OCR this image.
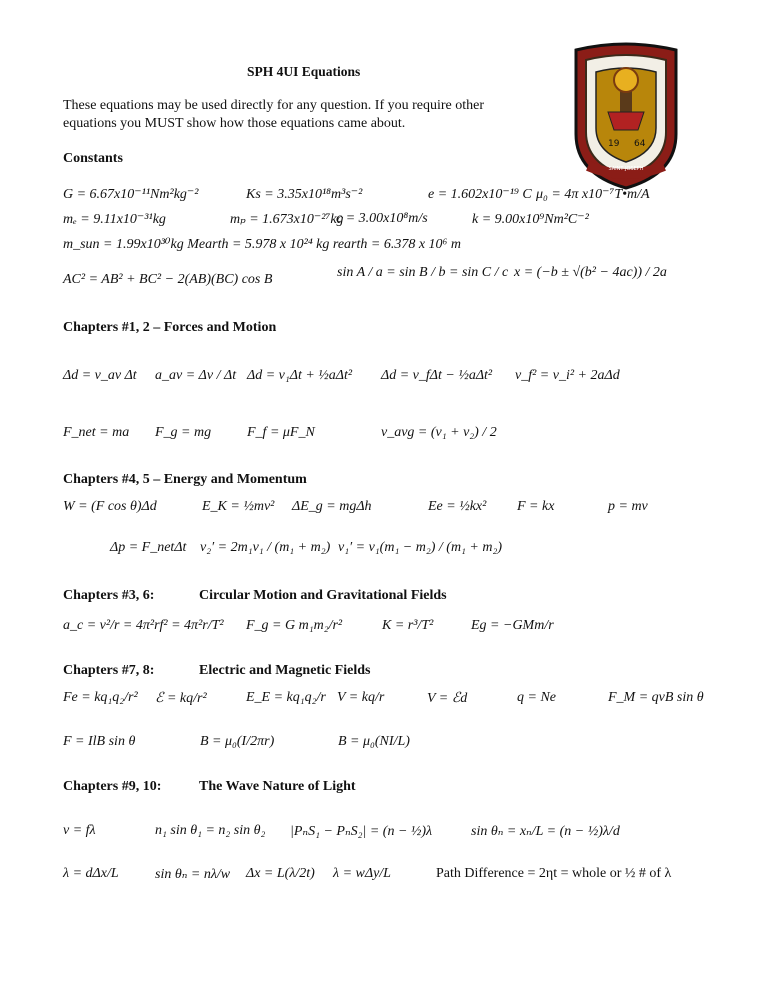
SPH 4UI Equations
19 64
SAINT JOSEPH
These equations may be used directly for any question. If you require other
equations you MUST show how those equations came about.
Constants
G = 6.67x10⁻¹¹Nm²kg⁻²	Ks = 3.35x10¹⁸m³s⁻²	e = 1.602x10⁻¹⁹ C μ₀ = 4π x10⁻⁷T•m/A
mₑ = 9.11x10⁻³¹kg	mₚ = 1.673x10⁻²⁷kg
c = 3.00x10⁸m/s	k = 9.00x10⁹Nm²C⁻²
m_sun = 1.99x10³⁰kg Mearth = 5.978 x 10²⁴ kg rearth = 6.378 x 10⁶ m
AC² = AB² + BC² − 2(AB)(BC) cos B	sin A / a = sin B / b = sin C / c x = (−b ± √(b² − 4ac)) / 2a
Chapters #1, 2 – Forces and Motion
Δd = v_av Δt a_av = Δv / Δt Δd = v₁Δt + ½aΔt² Δd = v_fΔt − ½aΔt² v_f² = v_i² + 2aΔd
F_net = ma F_g = mg	F_f = μF_N	v_avg = (v₁ + v₂) / 2
Chapters #4, 5 – Energy and Momentum
W = (F cos θ)Δd	E_K = ½mv² ΔE_g = mgΔh	Ee = ½kx² F = kx	p = mv
Δp = F_netΔt v₂′ = 2m₁v₁ / (m₁ + m₂) v₁′ = v₁(m₁ − m₂) / (m₁ + m₂)
Chapters #3, 6:	Circular Motion and Gravitational Fields
a_c = v²/r = 4π²rf² = 4π²r/T² F_g = G m₁m₂/r²	K = r³/T²	Eg = −GMm/r
Chapters #7, 8:	Electric and Magnetic Fields
Fe = kq₁q₂/r² ℰ = kq/r²	E_E = kq₁q₂/r V = kq/r	V = ℰd	q = Ne	F_M = qvB sin θ
F = IlB sin θ	B = μ₀(I/2πr)	B = μ₀(NI/L)
Chapters #9, 10:	The Wave Nature of Light
v = fλ	n₁ sin θ₁ = n₂ sin θ₂ |PₙS₁ − PₙS₂| = (n − ½)λ	sin θₙ = xₙ/L = (n − ½)λ/d
λ = dΔx/L	sin θₙ = nλ/w Δx = L(λ/2t) λ = wΔy/L	Path Difference = 2ηt = whole or ½ # of λ
